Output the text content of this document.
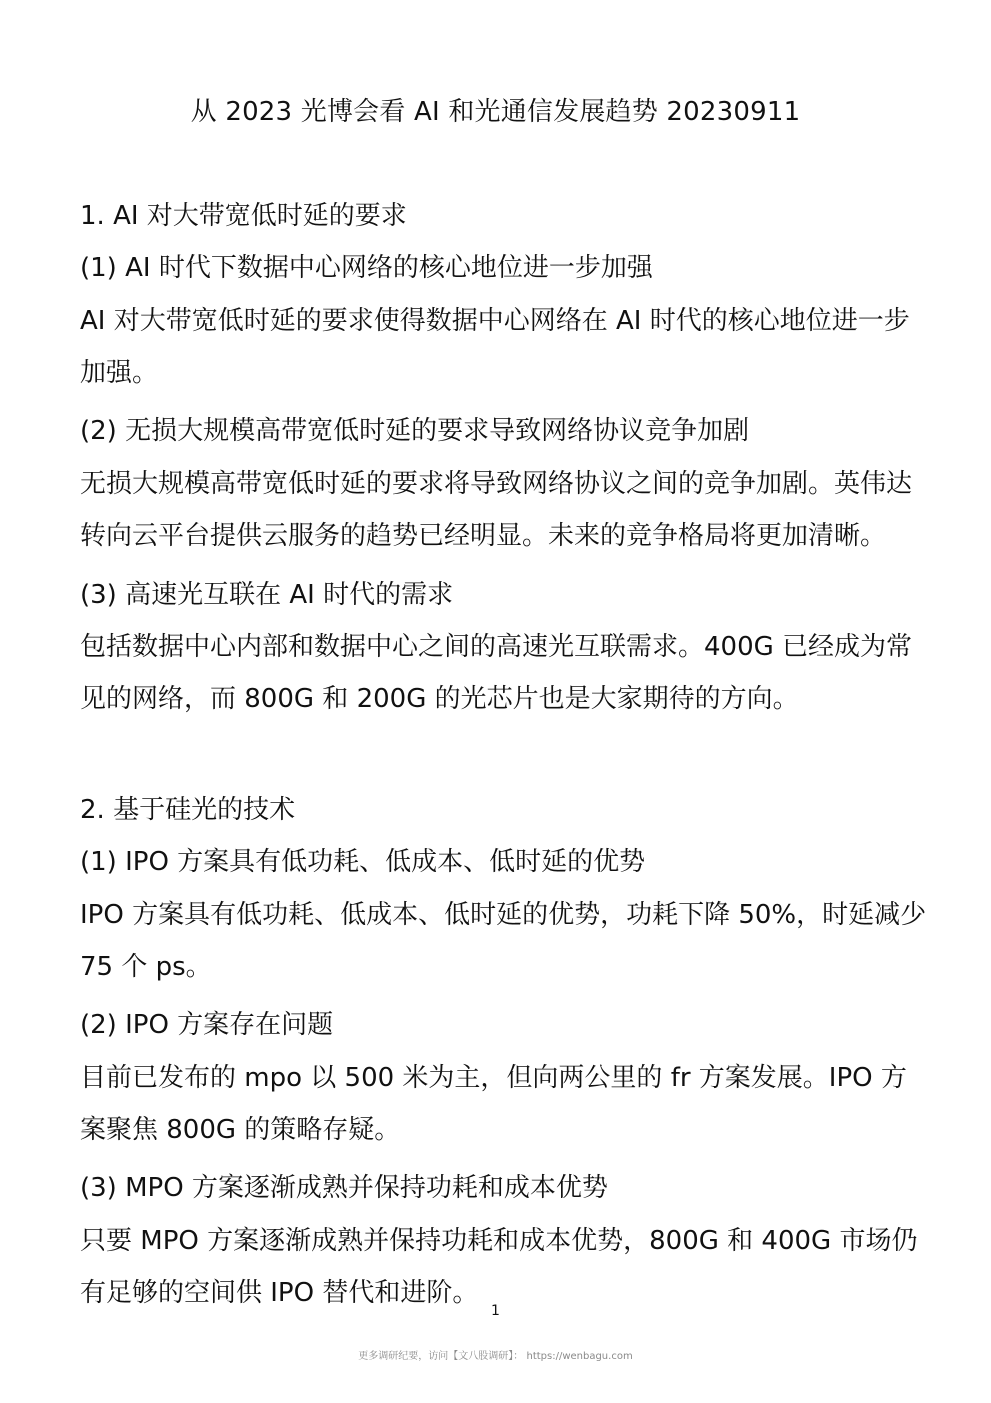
从 2023 光博会看 AI 和光通信发展趋势 20230911
1. AI 对大带宽低时延的要求
(1) AI 时代下数据中心网络的核心地位进一步加强
AI 对大带宽低时延的要求使得数据中心网络在 AI 时代的核心地位进一步加强。
(2) 无损大规模高带宽低时延的要求导致网络协议竞争加剧
无损大规模高带宽低时延的要求将导致网络协议之间的竞争加剧。英伟达转向云平台提供云服务的趋势已经明显。未来的竞争格局将更加清晰。
(3) 高速光互联在 AI 时代的需求
包括数据中心内部和数据中心之间的高速光互联需求。400G 已经成为常见的网络，而 800G 和 200G 的光芯片也是大家期待的方向。
2. 基于硅光的技术
(1) IPO 方案具有低功耗、低成本、低时延的优势
IPO 方案具有低功耗、低成本、低时延的优势，功耗下降 50%，时延减少 75 个 ps。
(2) IPO 方案存在问题
目前已发布的 mpo 以 500 米为主，但向两公里的 fr 方案发展。IPO 方案聚焦 800G 的策略存疑。
(3) MPO 方案逐渐成熟并保持功耗和成本优势
只要 MPO 方案逐渐成熟并保持功耗和成本优势，800G 和 400G 市场仍有足够的空间供 IPO 替代和进阶。
1
更多调研纪要，访问【文八股调研】： https://wenbagu.com
